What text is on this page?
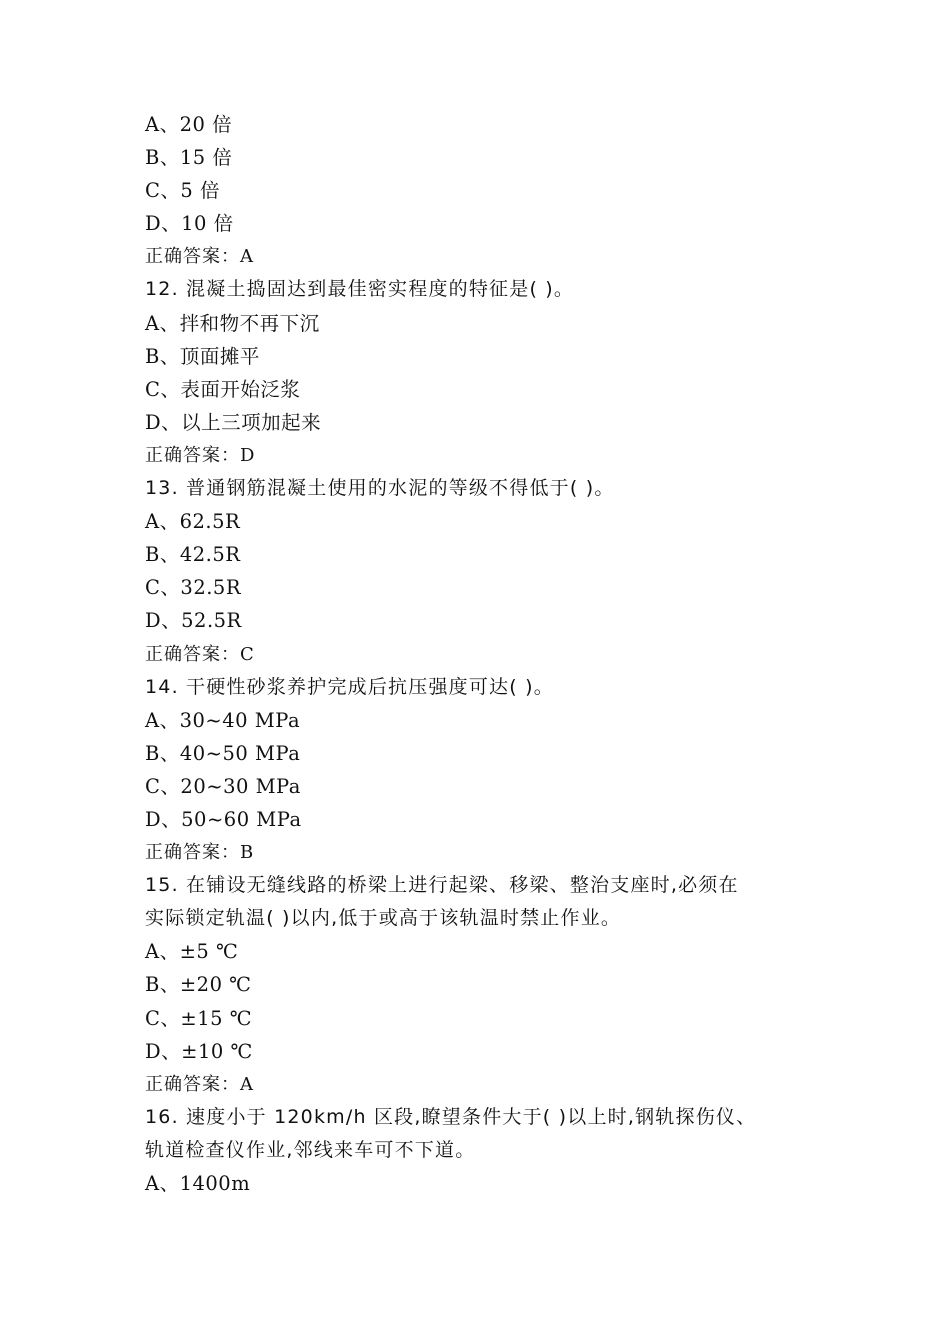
A、20 倍
B、15 倍
C、5 倍
D、10 倍
正确答案：A
12. 混凝土捣固达到最佳密实程度的特征是( )。
A、拌和物不再下沉
B、顶面摊平
C、表面开始泛浆
D、以上三项加起来
正确答案：D
13. 普通钢筋混凝土使用的水泥的等级不得低于( )。
A、62.5R
B、42.5R
C、32.5R
D、52.5R
正确答案：C
14. 干硬性砂浆养护完成后抗压强度可达( )。
A、30~40 MPa
B、40~50 MPa
C、20~30 MPa
D、50~60 MPa
正确答案：B
15. 在铺设无缝线路的桥梁上进行起梁、移梁、整治支座时,必须在
实际锁定轨温( )以内,低于或高于该轨温时禁止作业。
A、±5 ℃
B、±20 ℃
C、±15 ℃
D、±10 ℃
正确答案：A
16. 速度小于 120km/h 区段,瞭望条件大于( )以上时,钢轨探伤仪、
轨道检查仪作业,邻线来车可不下道。
A、1400m
